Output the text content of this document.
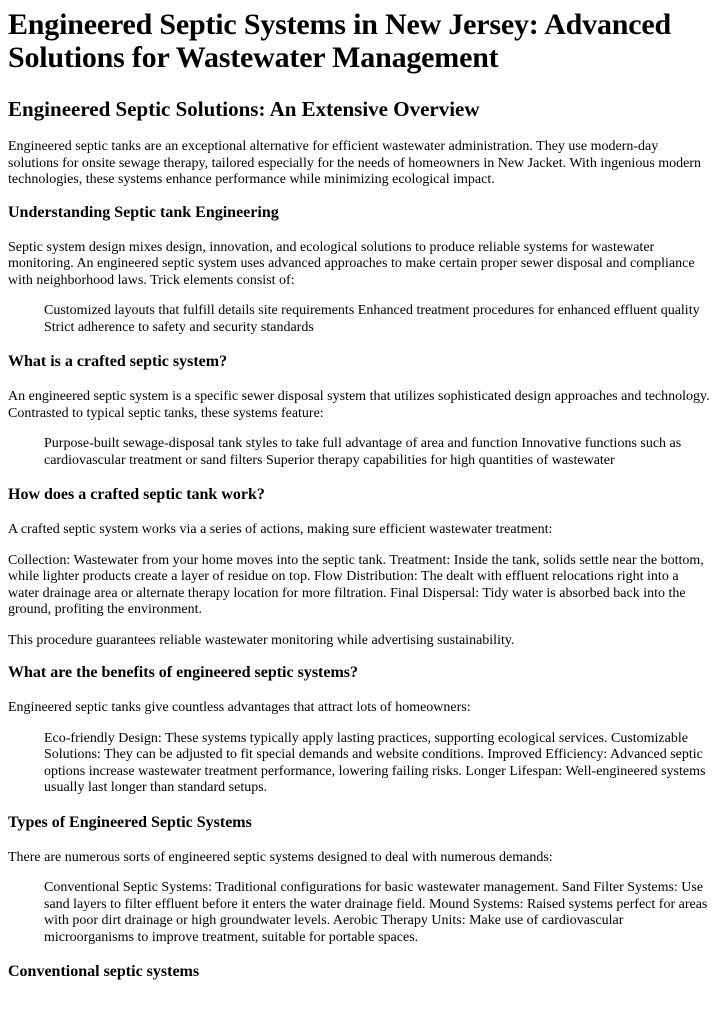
Engineered Septic Systems in New Jersey: Advanced Solutions for Wastewater Management
Engineered Septic Solutions: An Extensive Overview

Engineered septic tanks are an exceptional alternative for efficient wastewater administration. They use modern-day solutions for onsite sewage therapy, tailored especially for the needs of homeowners in New Jacket. With ingenious modern technologies, these systems enhance performance while minimizing ecological impact.

Understanding Septic tank Engineering

Septic system design mixes design, innovation, and ecological solutions to produce reliable systems for wastewater monitoring. An engineered septic system uses advanced approaches to make certain proper sewer disposal and compliance with neighborhood laws. Trick elements consist of:

Customized layouts that fulfill details site requirements Enhanced treatment procedures for enhanced effluent quality Strict adherence to safety and security standards
What is a crafted septic system?

An engineered septic system is a specific sewer disposal system that utilizes sophisticated design approaches and technology. Contrasted to typical septic tanks, these systems feature:

Purpose-built sewage-disposal tank styles to take full advantage of area and function Innovative functions such as cardiovascular treatment or sand filters Superior therapy capabilities for high quantities of wastewater
How does a crafted septic tank work?

A crafted septic system works via a series of actions, making sure efficient wastewater treatment:

Collection: Wastewater from your home moves into the septic tank. Treatment: Inside the tank, solids settle near the bottom, while lighter products create a layer of residue on top. Flow Distribution: The dealt with effluent relocations right into a water drainage area or alternate therapy location for more filtration. Final Dispersal: Tidy water is absorbed back into the ground, profiting the environment.

This procedure guarantees reliable wastewater monitoring while advertising sustainability.

What are the benefits of engineered septic systems?

Engineered septic tanks give countless advantages that attract lots of homeowners:

Eco-friendly Design: These systems typically apply lasting practices, supporting ecological services. Customizable Solutions: They can be adjusted to fit special demands and website conditions. Improved Efficiency: Advanced septic options increase wastewater treatment performance, lowering failing risks. Longer Lifespan: Well-engineered systems usually last longer than standard setups.
Types of Engineered Septic Systems

There are numerous sorts of engineered septic systems designed to deal with numerous demands:

Conventional Septic Systems: Traditional configurations for basic wastewater management. Sand Filter Systems: Use sand layers to filter effluent before it enters the water drainage field. Mound Systems: Raised systems perfect for areas with poor dirt drainage or high groundwater levels. Aerobic Therapy Units: Make use of cardiovascular microorganisms to improve treatment, suitable for portable spaces.
Conventional septic systems
